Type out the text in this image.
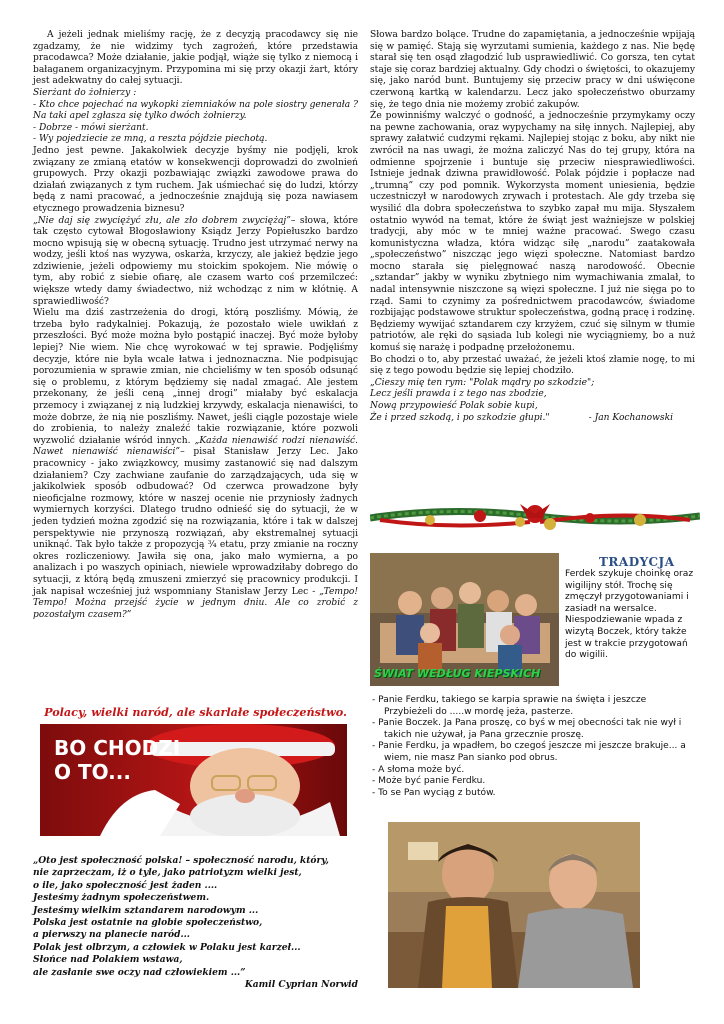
A jeżeli jednak mieliśmy rację, że z decyzją pracodawcy się nie zgadzamy, że nie widzimy tych zagrożeń, które przedstawia pracodawca? Może działanie, jakie podjął, wiąże się tylko z niemocą i bałaganem organizacyjnym. Przypomina mi się przy okazji żart, który jest adekwatny do całej sytuacji.

Sierżant do żołnierzy :

- Kto chce pojechać na wykopki ziemniaków na pole siostry generała ? Na taki apel zgłasza się tylko dwóch żołnierzy.

- Dobrze - mówi sierżant.

- Wy pojedziecie ze mną, a reszta pójdzie piechotą.

Jedno jest pewne. Jakakolwiek decyzje byśmy nie podjęli, krok związany ze zmianą etatów w konsekwencji doprowadzi do zwolnień grupowych. Przy okazji pozbawiając związki zawodowe prawa do działań związanych z tym ruchem. Jak uśmiechać się do ludzi, którzy będą z nami pracować, a jednocześnie znajdują się poza nawiasem etycznego prowadzenia biznesu?

„Nie daj się zwyciężyć złu, ale zło dobrem zwyciężaj”– słowa, które tak często cytował Błogosławiony Ksiądz Jerzy Popiełuszko bardzo mocno wpisują się w obecną sytuację. Trudno jest utrzymać nerwy na wodzy, jeśli ktoś nas wyzywa, oskarża, krzyczy, ale jakież będzie jego zdziwienie, jeżeli odpowiemy mu stoickim spokojem. Nie mówię o tym, aby robić z siebie ofiarę, ale czasem warto coś przemilczeć: większe wtedy damy świadectwo, niż wchodząc z nim w kłótnię. A sprawiedliwość?

Wielu ma dziś zastrzeżenia do drogi, którą poszliśmy. Mówią, że trzeba było radykalniej. Pokazują, że pozostało wiele uwikłań z przeszłości. Być może można było postąpić inaczej. Być może byłoby lepiej? Nie wiem. Nie chcę wyrokować w tej sprawie. Podjęliśmy decyzje, które nie była wcale łatwa i jednoznaczna. Nie podpisując porozumienia w sprawie zmian, nie chcieliśmy w ten sposób odsunąć się o problemu, z którym będziemy się nadal zmagać. Ale jestem przekonany, że jeśli ceną „innej drogi” miałaby być eskalacja przemocy i związanej z nią ludzkiej krzywdy, eskalacja nienawiści, to może dobrze, że nią nie poszliśmy. Nawet, jeśli ciągle pozostaje wiele do zrobienia, to należy znaleźć takie rozwiązanie, które pozwoli wyzwolić działanie wśród innych. „Każda nienawiść rodzi nienawiść. Nawet nienawiść nienawiści”– pisał Stanisław Jerzy Lec. Jako pracownicy - jako związkowcy, musimy zastanowić się nad dalszym działaniem? Czy zachwiane zaufanie do zarządzających, uda się w jakikolwiek sposób odbudować? Od czerwca prowadzone były nieoficjalne rozmowy, które w naszej ocenie nie przyniosły żadnych wymiernych korzyści. Dlatego trudno odnieść się do sytuacji, że w jeden tydzień można zgodzić się na rozwiązania, które i tak w dalszej perspektywie nie przynoszą rozwiązań, aby ekstremalnej sytuacji uniknąć. Tak było także z propozycją ¾ etatu, przy zmianie na roczny okres rozliczeniowy. Jawiła się ona, jako mało wymierna, a po analizach i po waszych opiniach, niewiele wprowadziłaby dobrego do sytuacji, z którą będą zmuszeni zmierzyć się pracownicy produkcji. I jak napisał wcześniej już wspomniany Stanisław Jerzy Lec - „Tempo! Tempo! Można przejść życie w jednym dniu. Ale co zrobić z pozostałym czasem?”

Polacy, wielki naród, ale skarlałe społeczeństwo.
BO CHODZI
O TO...

„Oto jest społeczność polska! – społeczność narodu, który,

nie zaprzeczam, iż o tyle, jako patriotyzm wielki jest,

o ile, jako społeczność jest żaden ....

Jesteśmy żadnym społeczeństwem.

Jesteśmy wielkim sztandarem narodowym ...

Polska jest ostatnie na globie społeczeństwo,

a pierwszy na planecie naród...

Polak jest olbrzym, a człowiek w Polaku jest karzeł...

Słońce nad Polakiem wstawa,

ale zasłanie swe oczy nad człowiekiem ...”
Kamil Cyprian Norwid

Słowa bardzo bolące. Trudne do zapamiętania, a jednocześnie wpijają się w pamięć. Stają się wyrzutami sumienia, każdego z nas. Nie będę starał się ten osąd złagodzić lub usprawiedliwić. Co gorsza, ten cytat staje się coraz bardziej aktualny. Gdy chodzi o świętości, to okazujemy się, jako naród bunt. Buntujemy się przeciw pracy w dni uświęcone czerwoną kartką w kalendarzu. Lecz jako społeczeństwo oburzamy się, że tego dnia nie możemy zrobić zakupów.

Że powinniśmy walczyć o godność, a jednocześnie przymykamy oczy na pewne zachowania, oraz wypychamy na siłę innych. Najlepiej, aby sprawy załatwić cudzymi rękami. Najlepiej stojąc z boku, aby nikt nie zwrócił na nas uwagi, że można zaliczyć Nas do tej grupy, która na odmienne spojrzenie i buntuje się przeciw niesprawiedliwości. Istnieje jednak dziwna prawidłowość. Polak pójdzie i popłacze nad „trumną” czy pod pomnik. Wykorzysta moment uniesienia, będzie uczestniczył w narodowych zrywach i protestach. Ale gdy trzeba się wysilić dla dobra społeczeństwa to szybko zapał mu mija. Słyszałem ostatnio wywód na temat, które że świąt jest ważniejsze w polskiej tradycji, aby móc w te mniej ważne pracować. Swego czasu komunistyczna władza, która widząc siłę „narodu” zaatakowała „społeczeństwo” niszcząc jego więzi społeczne. Natomiast bardzo mocno starała się pielęgnować naszą narodowość. Obecnie „sztandar” jakby w wyniku zbytniego nim wymachiwania zmalał, to nadal intensywnie niszczone są więzi społeczne. I już nie sięga po to rząd. Sami to czynimy za pośrednictwem pracodawców, świadome rozbijając podstawowe struktur społeczeństwa, godną pracę i rodzinę. Będziemy wywijać sztandarem czy krzyżem, czuć się silnym w tłumie patriotów, ale ręki do sąsiada lub kolegi nie wyciągniemy, bo a nuż komuś się narażę i podpadnę przełożonemu.

Bo chodzi o to, aby przestać uważać, że jeżeli ktoś złamie nogę, to mi się z tego powodu będzie się lepiej chodziło.

„Cieszy mię ten rym: "Polak mądry po szkodzie";

Lecz jeśli prawda i z tego nas zbodzie,

Nową przypowieść Polak sobie kupi,

Że i przed szkodą, i po szkodzie głupi."	- Jan Kochanowski

ŚWIAT WEDŁUG KIEPSKICH
TRADYCJA

Ferdek szykuje choinkę oraz wigilijny stół. Trochę się zmęczył przygotowaniami i zasiadł na wersalce. Niespodziewanie wpada z wizytą Boczek, który także jest w trakcie przygotowań do wigilii.

- Panie Ferdku, takiego se karpia sprawie na święta i jeszcze

Przybieżeli do .....w mordę jeża, pasterze.

- Panie Boczek. Ja Pana proszę, co byś w mej obecności tak nie wył i

takich nie używał, ja Pana grzecznie proszę.

- Panie Ferdku, ja wpadłem, bo czegoś jeszcze mi jeszcze brakuje... a

wiem, nie masz Pan sianko pod obrus.

- A słoma może być.

- Może być panie Ferdku.

- To se Pan wyciąg z butów.
